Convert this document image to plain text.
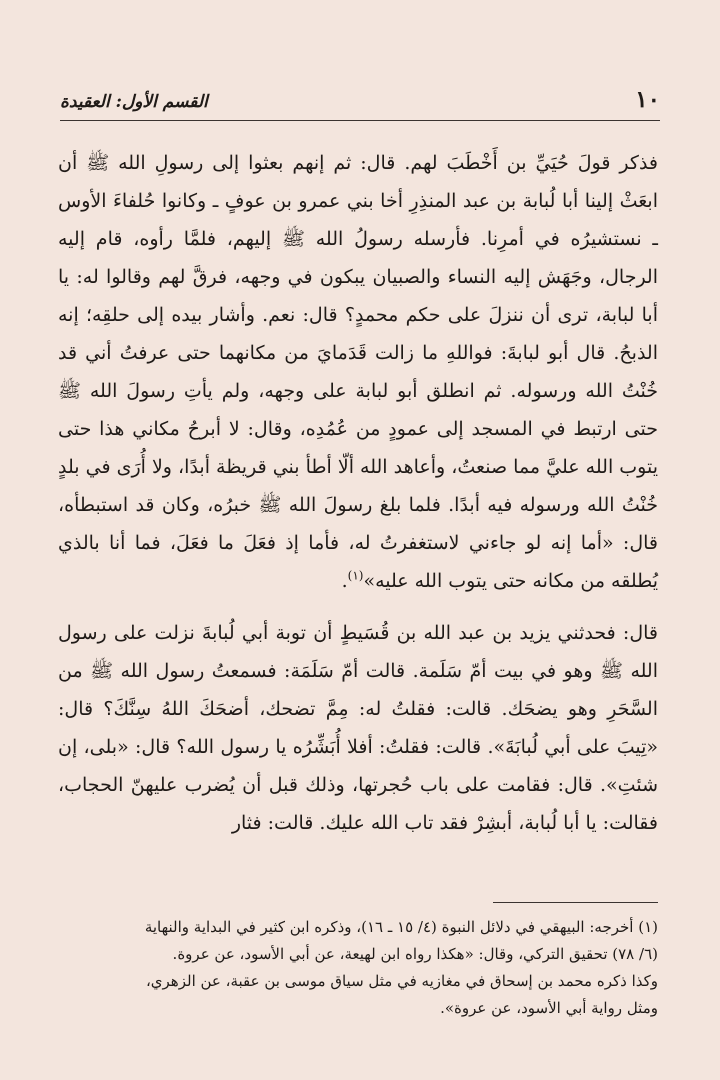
١٠
القسم الأول: العقيدة

فذكر قولَ حُيَيِّ بن أَخْطَبَ لهم. قال: ثم إنهم بعثوا إلى رسولِ الله ﷺ أن ابعَثْ إلينا أبا لُبابة بن عبد المنذِرِ أخا بني عمرو بن عوفٍ ـ وكانوا حُلفاءَ الأوس ـ نستشيرُه في أمرِنا. فأرسله رسولُ الله ﷺ إليهم، فلمَّا رأوه، قام إليه الرجال، وجَهَش إليه النساء والصبيان يبكون في وجهه، فرقَّ لهم وقالوا له: يا أبا لبابة، ترى أن ننزلَ على حكم محمدٍ؟ قال: نعم. وأشار بيده إلى حلقِه؛ إنه الذبحُ. قال أبو لبابةَ: فواللهِ ما زالت قَدَمايَ من مكانهما حتى عرفتُ أني قد خُنْتُ الله ورسوله. ثم انطلق أبو لبابة على وجهه، ولم يأتِ رسولَ الله ﷺ حتى ارتبط في المسجد إلى عمودٍ من عُمُدِه، وقال: لا أبرحُ مكاني هذا حتى يتوب الله عليَّ مما صنعتُ، وأعاهد الله ألّا أطأ بني قريظة أبدًا، ولا أُرَى في بلدٍ خُنْتُ الله ورسوله فيه أبدًا. فلما بلغ رسولَ الله ﷺ خبرُه، وكان قد استبطأه، قال: «أما إنه لو جاءني لاستغفرتُ له، فأما إذ فعَلَ ما فعَلَ، فما أنا بالذي يُطلقه من مكانه حتى يتوب الله عليه»$^{(١)}$.

قال: فحدثني يزيد بن عبد الله بن قُسَيطٍ أن توبة أبي لُبابةَ نزلت على رسول الله ﷺ وهو في بيت أمّ سَلَمة. قالت أمّ سَلَمَة: فسمعتُ رسول الله ﷺ من السَّحَرِ وهو يضحَك. قالت: فقلتُ له: مِمَّ تضحك، أضحَكَ اللهُ سِنَّكَ؟ قال: «تِيبَ على أبي لُبابَةَ». قالت: فقلتُ: أفلا أُبَشِّرُه يا رسول الله؟ قال: «بلى، إن شئتِ». قال: فقامت على باب حُجرتها، وذلك قبل أن يُضرب عليهنّ الحجاب، فقالت: يا أبا لُبابة، أبشِرْ فقد تاب الله عليك. قالت: فثار

(١) أخرجه: البيهقي في دلائل النبوة (٤/ ١٥ ـ ١٦)، وذكره ابن كثير في البداية والنهاية

(٦/ ٧٨) تحقيق التركي، وقال: «هكذا رواه ابن لهيعة، عن أبي الأسود، عن عروة.

وكذا ذكره محمد بن إسحاق في مغازيه في مثل سياق موسى بن عقبة، عن الزهري،

ومثل رواية أبي الأسود، عن عروة».
